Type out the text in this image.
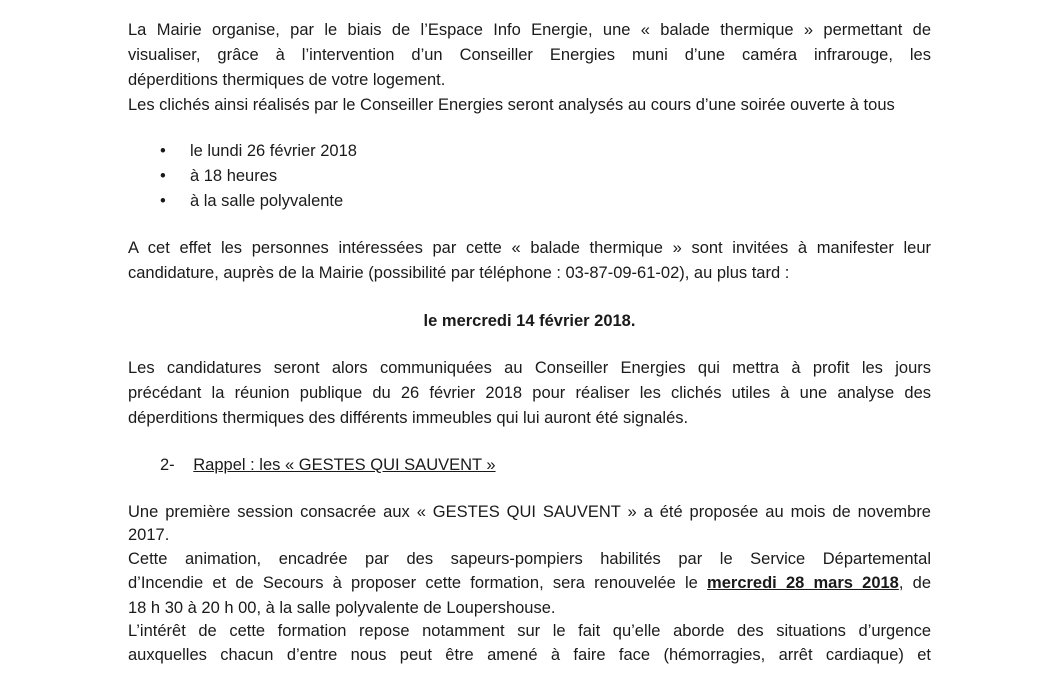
La Mairie organise, par le biais de l’Espace Info Energie, une « balade thermique » permettant de
visualiser, grâce à l’intervention d’un Conseiller Energies muni d’une caméra infrarouge, les
déperditions thermiques de votre logement.
Les clichés ainsi réalisés par le Conseiller Energies seront analysés au cours d’une soirée ouverte à tous
• le lundi 26 février 2018
• à 18 heures
• à la salle polyvalente
A cet effet les personnes intéressées par cette « balade thermique » sont invitées à manifester leur
candidature, auprès de la Mairie (possibilité par téléphone : 03-87-09-61-02), au plus tard :
le mercredi 14 février 2018.
Les candidatures seront alors communiquées au Conseiller Energies qui mettra à profit les jours
précédant la réunion publique du 26 février 2018 pour réaliser les clichés utiles à une analyse des
déperditions thermiques des différents immeubles qui lui auront été signalés.
2- Rappel : les « GESTES QUI SAUVENT »
Une première session consacrée aux « GESTES QUI SAUVENT » a été proposée au mois de novembre
2017.
Cette animation, encadrée par des sapeurs-pompiers habilités par le Service Départemental
d’Incendie et de Secours à proposer cette formation, sera renouvelée le mercredi 28 mars 2018, de
18 h 30 à 20 h 00, à la salle polyvalente de Loupershouse.
L’intérêt de cette formation repose notamment sur le fait qu’elle aborde des situations d’urgence
auxquelles chacun d’entre nous peut être amené à faire face (hémorragies, arrêt cardiaque) et
